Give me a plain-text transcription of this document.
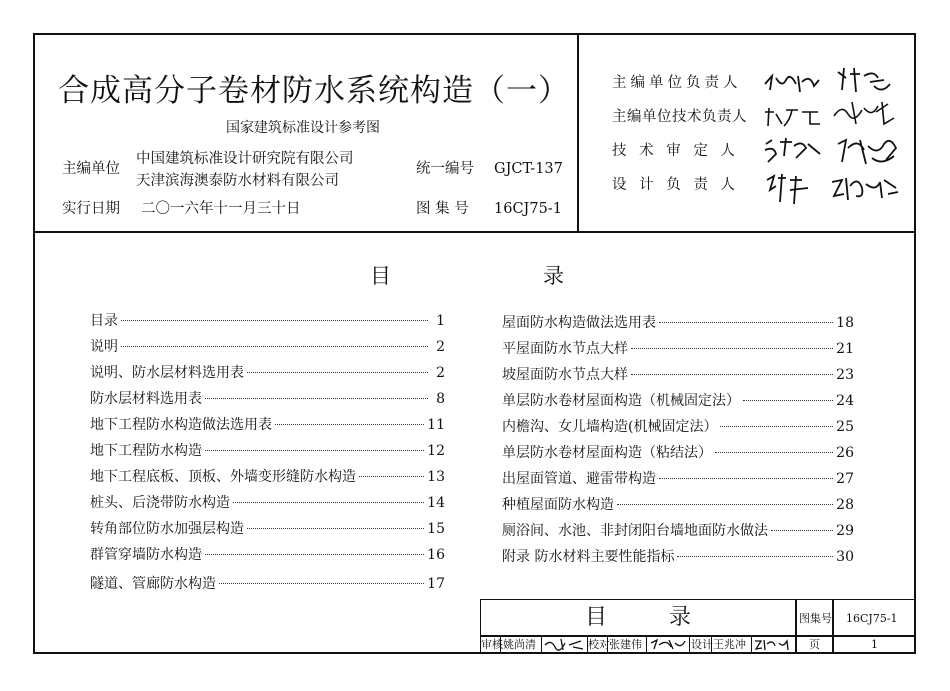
合成高分子卷材防水系统构造（一）
国家建筑标准设计参考图
主编单位
中国建筑标准设计研究院有限公司
天津滨海澳泰防水材料有限公司
实行日期 二〇一六年十一月三十日
统一编号 GJCT-137
图 集 号 16CJ75-1
主编单位负责人
主编单位技术负责人
技 术 审 定 人
设 计 负 责 人
目	录
目录	1
说明	2
说明、防水层材料选用表	2
防水层材料选用表	8
地下工程防水构造做法选用表	11
地下工程防水构造	12
地下工程底板、顶板、外墙变形缝防水构造	13
桩头、后浇带防水构造	14
转角部位防水加强层构造	15
群管穿墙防水构造	16
隧道、管廊防水构造	17
屋面防水构造做法选用表	18
平屋面防水节点大样	21
坡屋面防水节点大样	23
单层防水卷材屋面构造（机械固定法）	24
内檐沟、女儿墙构造(机械固定法）	25
单层防水卷材屋面构造（粘结法）	26
出屋面管道、避雷带构造	27
种植屋面防水构造	28
厕浴间、水池、非封闭阳台墙地面防水做法	29
附录 防水材料主要性能指标	30
目	录	图集号 16CJ75-1
审核 姚尚清	校对 张建伟	设计 王兆冲	页	1
